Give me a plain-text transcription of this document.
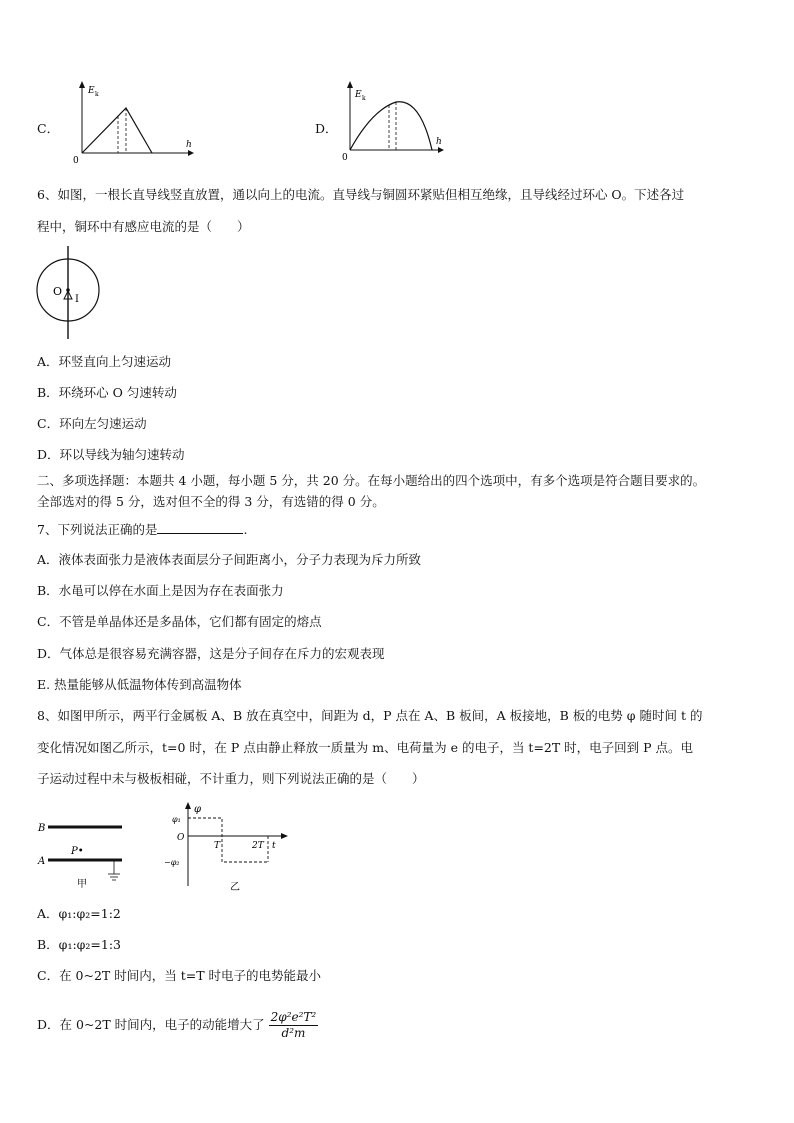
C．
E k
h
0
D．
E k
h
0
6、如图，一根长直导线竖直放置，通以向上的电流。直导线与铜圆环紧贴但相互绝缘，且导线经过环心 O。下述各过
程中，铜环中有感应电流的是（　　）
O
I
A．环竖直向上匀速运动
B．环绕环心 O 匀速转动
C．环向左匀速运动
D．环以导线为轴匀速转动
二、多项选择题：本题共 4 小题，每小题 5 分，共 20 分。在每小题给出的四个选项中，有多个选项是符合题目要求的。
全部选对的得 5 分，选对但不全的得 3 分，有选错的得 0 分。
7、下列说法正确的是	.
A．液体表面张力是液体表面层分子间距离小，分子力表现为斥力所致
B．水黾可以停在水面上是因为存在表面张力
C．不管是单晶体还是多晶体，它们都有固定的熔点
D．气体总是很容易充满容器，这是分子间存在斥力的宏观表现
E. 热量能够从低温物体传到高温物体
8、如图甲所示，两平行金属板 A、B 放在真空中，间距为 d，P 点在 A、B 板间，A 板接地，B 板的电势 φ 随时间 t 的
变化情况如图乙所示，t=0 时，在 P 点由静止释放一质量为 m、电荷量为 e 的电子，当 t=2T 时，电子回到 P 点。电
子运动过程中未与极板相碰，不计重力，则下列说法正确的是（　　）
B
A
P•
甲
φ
φ₁
O
T	2T t
−φ₂
乙
A．φ₁:φ₂=1:2
B．φ₁:φ₂=1:3
C．在 0~2T 时间内，当 t=T 时电子的电势能最小
D．在 0~2T 时间内，电子的动能增大了 $\frac{\text{2φ²e²T²}}{\text{d²m}}$
